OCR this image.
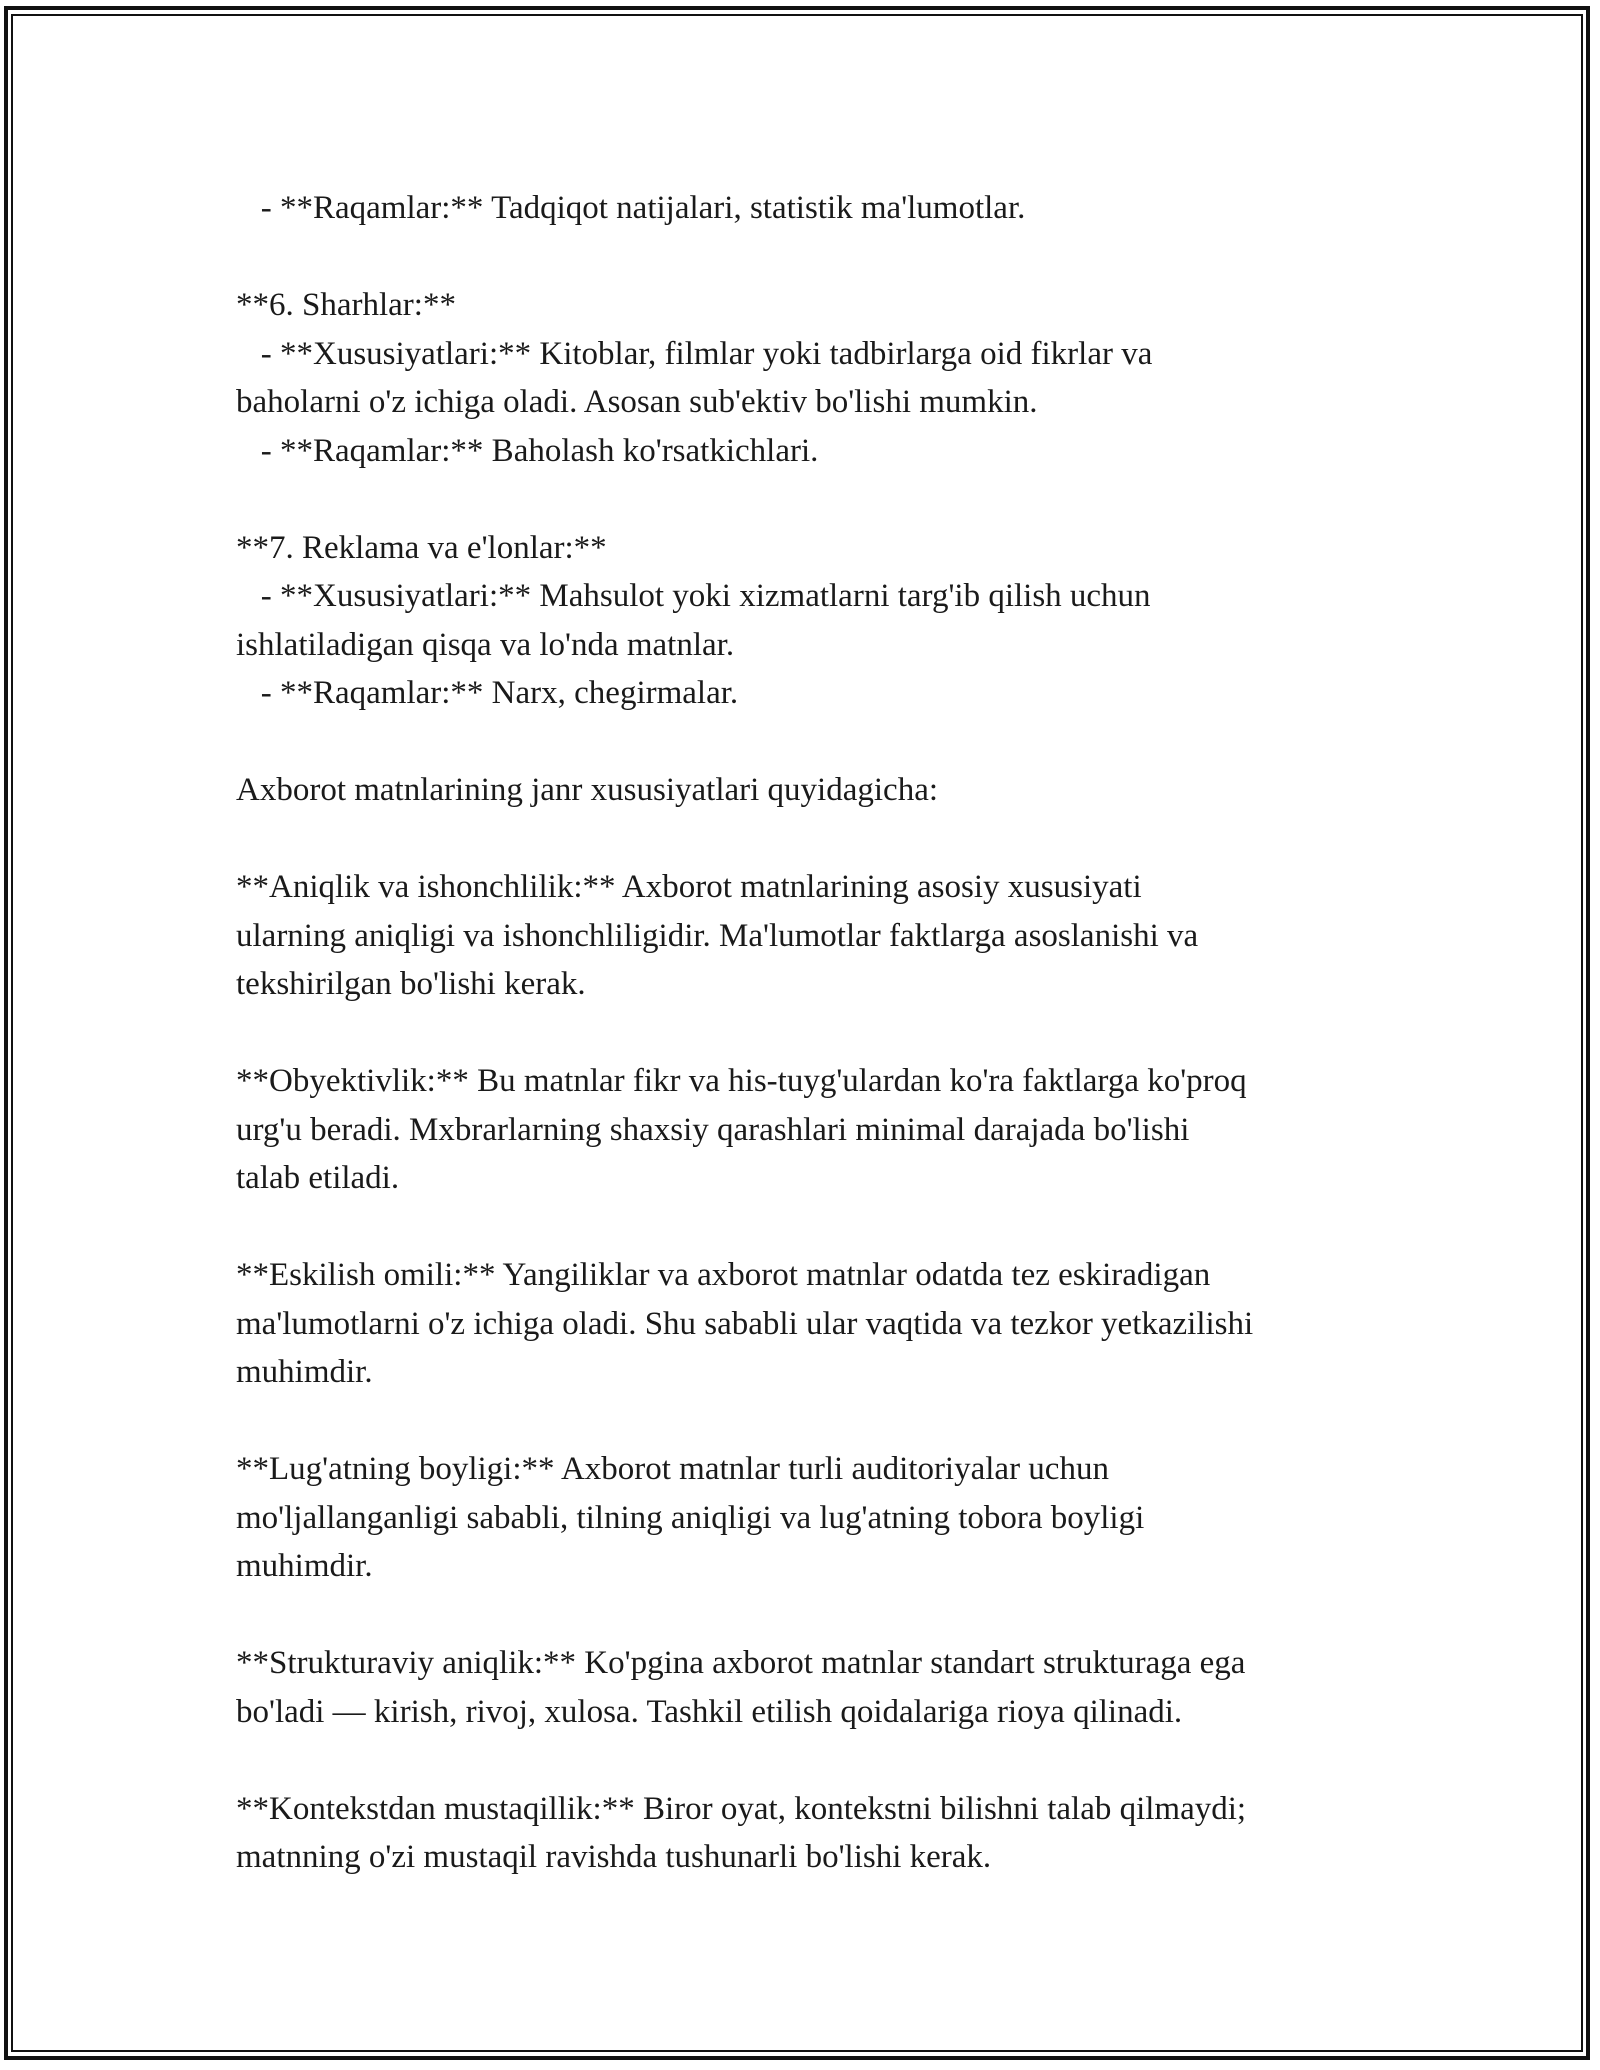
- **Raqamlar:** Tadqiqot natijalari, statistik ma'lumotlar.

**6. Sharhlar:**

- **Xususiyatlari:** Kitoblar, filmlar yoki tadbirlarga oid fikrlar va

baholarni o'z ichiga oladi. Asosan sub'ektiv bo'lishi mumkin.

- **Raqamlar:** Baholash ko'rsatkichlari.

**7. Reklama va e'lonlar:**

- **Xususiyatlari:** Mahsulot yoki xizmatlarni targ'ib qilish uchun

ishlatiladigan qisqa va lo'nda matnlar.

- **Raqamlar:** Narx, chegirmalar.

Axborot matnlarining janr xususiyatlari quyidagicha:

**Aniqlik va ishonchlilik:** Axborot matnlarining asosiy xususiyati

ularning aniqligi va ishonchliligidir. Ma'lumotlar faktlarga asoslanishi va

tekshirilgan bo'lishi kerak.

**Obyektivlik:** Bu matnlar fikr va his-tuyg'ulardan ko'ra faktlarga ko'proq

urg'u beradi. Mxbrarlarning shaxsiy qarashlari minimal darajada bo'lishi

talab etiladi.

**Eskilish omili:** Yangiliklar va axborot matnlar odatda tez eskiradigan

ma'lumotlarni o'z ichiga oladi. Shu sababli ular vaqtida va tezkor yetkazilishi

muhimdir.

**Lug'atning boyligi:** Axborot matnlar turli auditoriyalar uchun

mo'ljallanganligi sababli, tilning aniqligi va lug'atning tobora boyligi

muhimdir.

**Strukturaviy aniqlik:** Ko'pgina axborot matnlar standart strukturaga ega

bo'ladi — kirish, rivoj, xulosa. Tashkil etilish qoidalariga rioya qilinadi.

**Kontekstdan mustaqillik:** Biror oyat, kontekstni bilishni talab qilmaydi;

matnning o'zi mustaqil ravishda tushunarli bo'lishi kerak.
